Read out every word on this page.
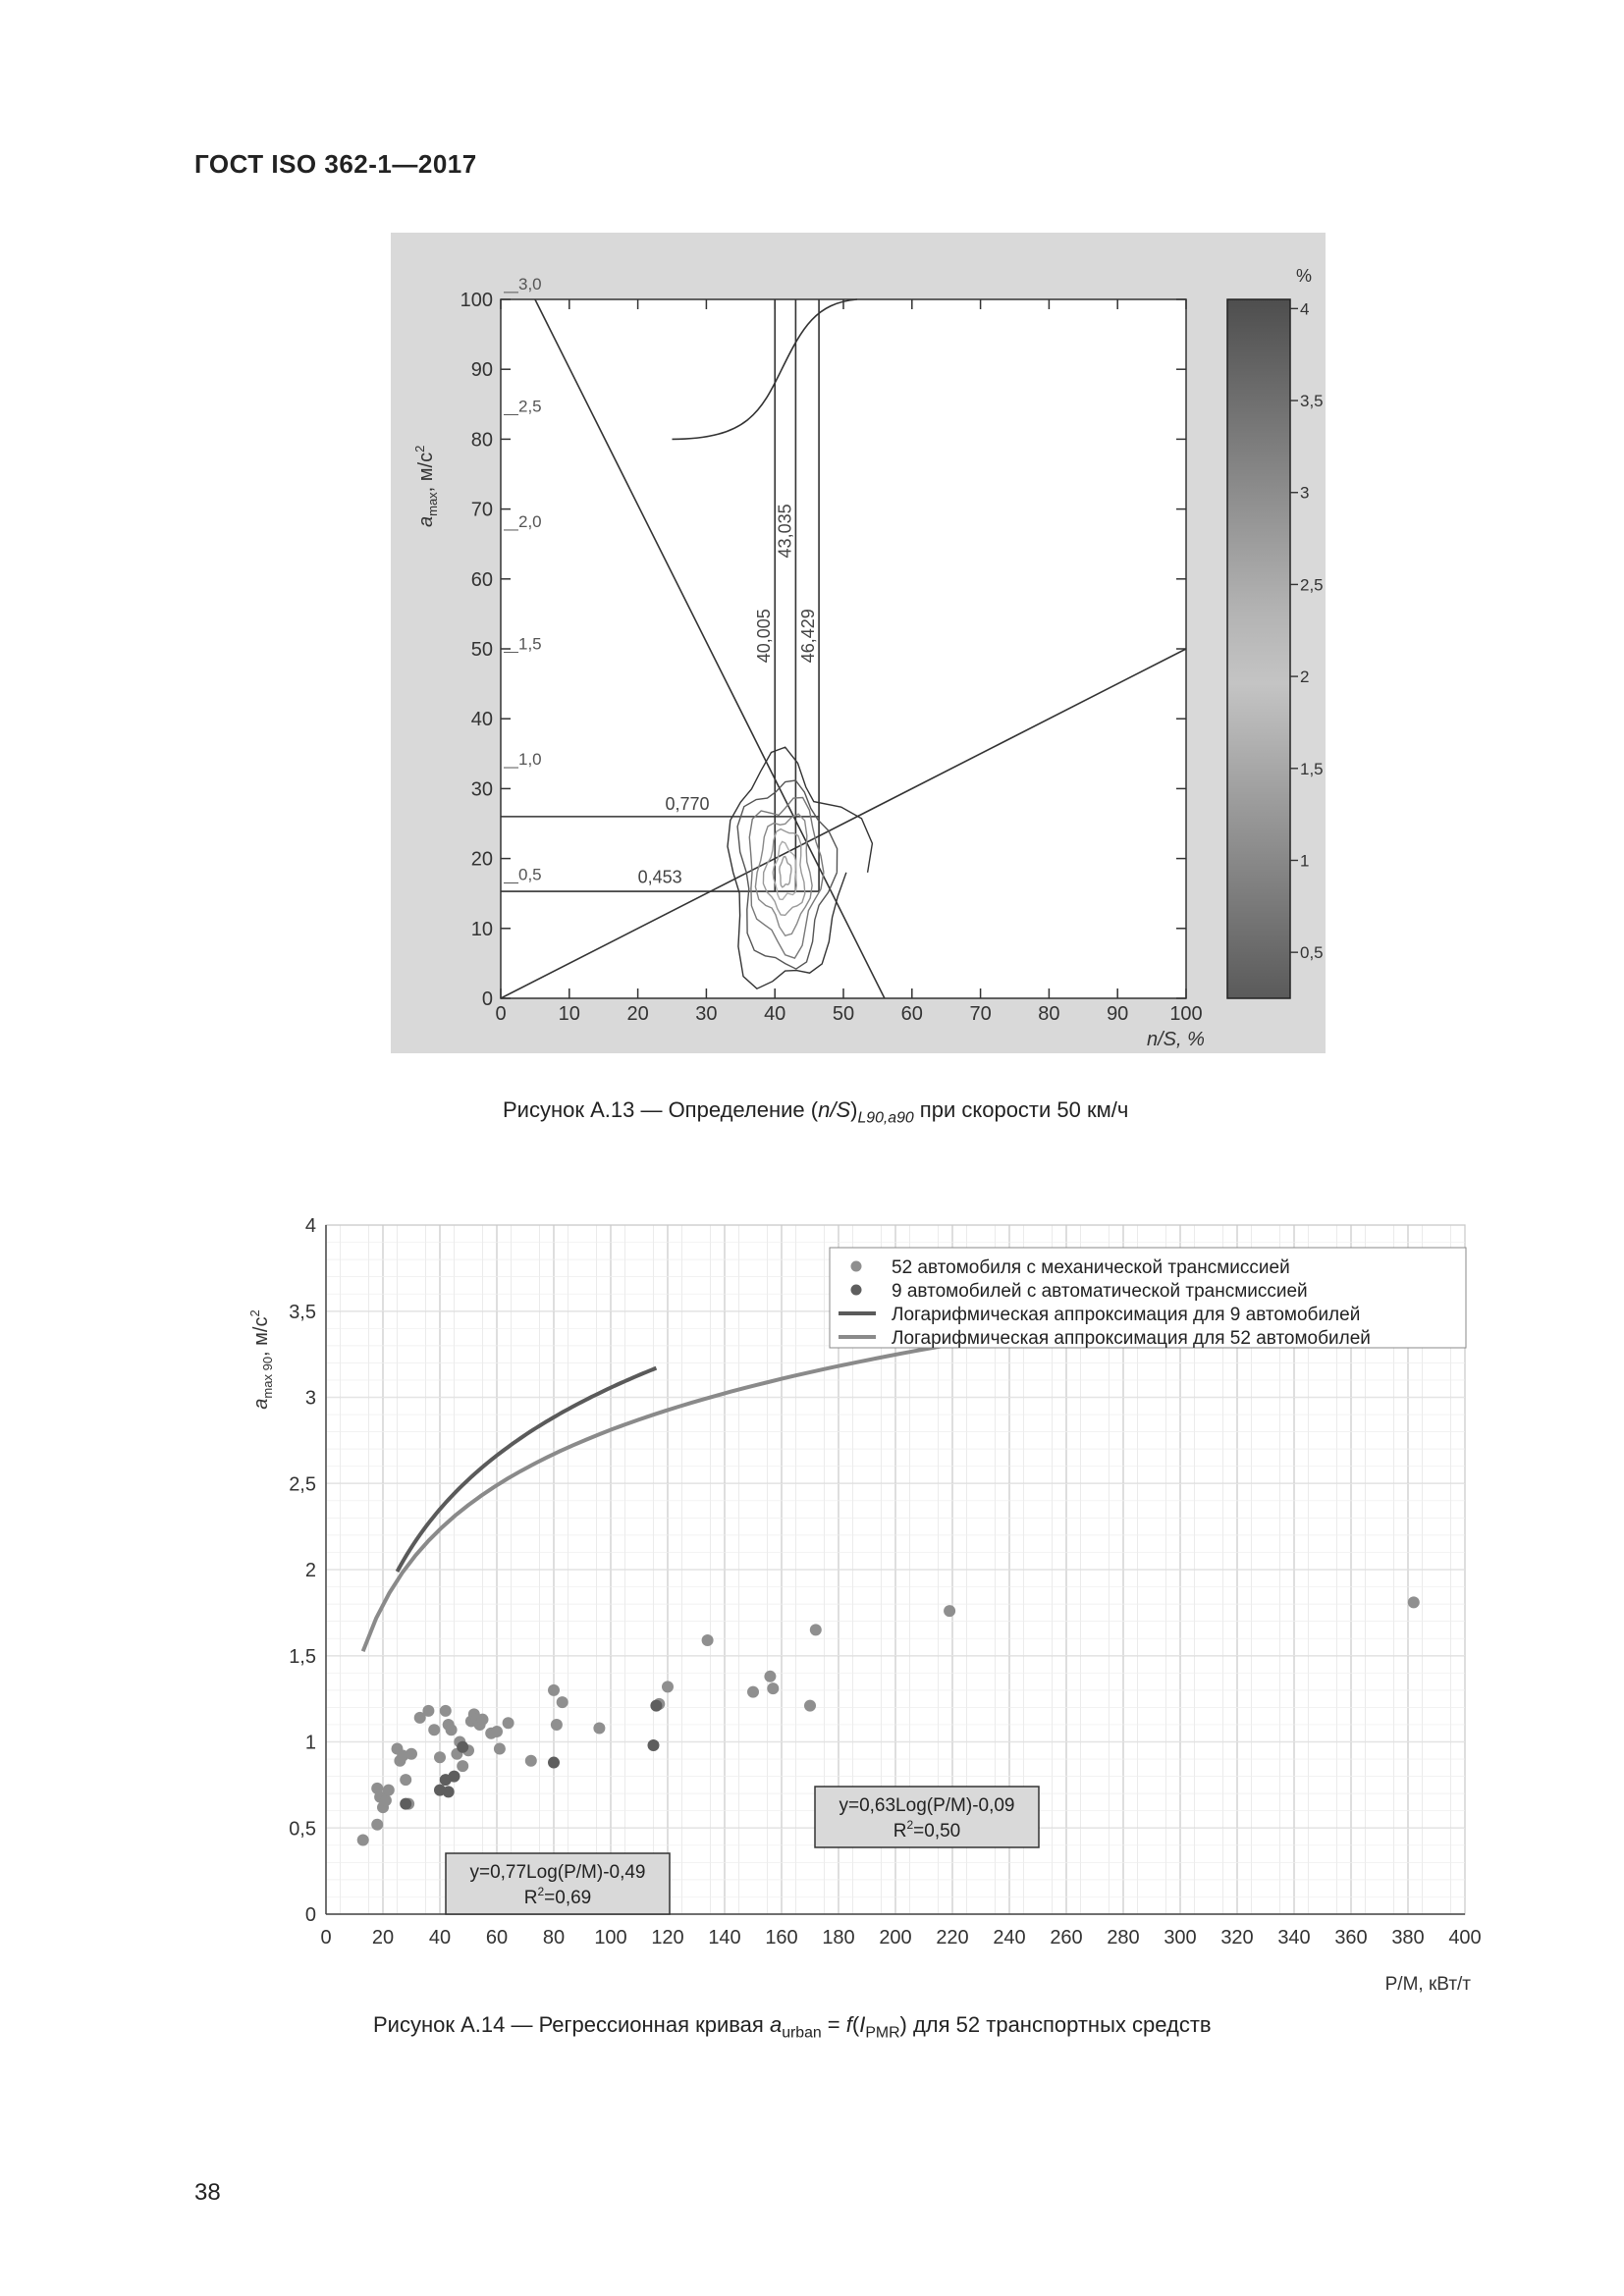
ГОСТ ISO 362-1—2017
40,005
43,035
46,429
0,770
0,453
0	10 20 30 40 50 60 70 80 90 100
0
10
20
30
40
50
60
70
80
90
100
0,5
1,0
1,5
2,0
2,5
3,0
$a_{max}$, $м/с^2$
n/S, %
%
4
3,5
3
2,5
2
1,5
1
0,5
Рисунок А.13 — Определение $(n/S)_{L90,a90}$ при скорости 50 км/ч
$a_{max 90}$, $м/с^2$
0 20 40 60 80 100 120 140 160 180 200 220 240 260 280 300 320 340 360 380 400
0
0,5
1
1,5
2
2,5
3
3,5
4
P/M, кВт/т
52 автомобиля с механической трансмиссией
9 автомобилей с автоматической трансмиссией
Логарифмическая аппроксимация для 9 автомобилей
Логарифмическая аппроксимация для 52 автомобилей
y=0,77Log(P/M)-0,49
$R^2=0,69$
y=0,63Log(P/M)-0,09
$R^2=0,50$
Рисунок А.14 — Регрессионная кривая $a_{urban} = f(I_{PMR})$ для 52 транспортных средств
38
